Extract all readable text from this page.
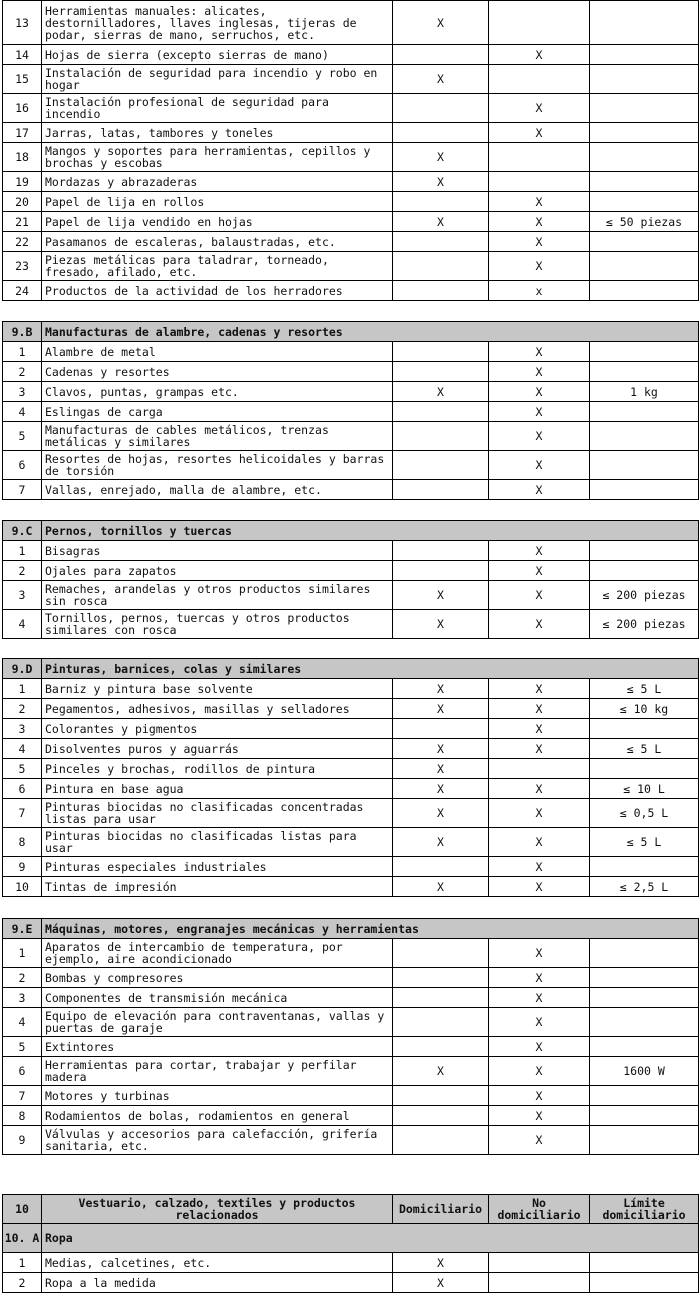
13	Herramientas manuales: alicates, destornilladores, llaves inglesas, tijeras de podar, sierras de mano, serruchos, etc.	X		
14	Hojas de sierra (excepto sierras de mano)		X	
15	Instalación de seguridad para incendio y robo en hogar	X		
16	Instalación profesional de seguridad para incendio		X	
17	Jarras, latas, tambores y toneles		X	
18	Mangos y soportes para herramientas, cepillos y brochas y escobas	X		
19	Mordazas y abrazaderas	X		
20	Papel de lija en rollos		X	
21	Papel de lija vendido en hojas	X	X	≤ 50 piezas
22	Pasamanos de escaleras, balaustradas, etc.		X	
23	Piezas metálicas para taladrar, torneado, fresado, afilado, etc.		X	
24	Productos de la actividad de los herradores		x	
9.B	Manufacturas de alambre, cadenas y resortes			
1	Alambre de metal		X	
2	Cadenas y resortes		X	
3	Clavos, puntas, grampas etc.	X	X	1 kg
4	Eslingas de carga		X	
5	Manufacturas de cables metálicos, trenzas metálicas y similares		X	
6	Resortes de hojas, resortes helicoidales y barras de torsión		X	
7	Vallas, enrejado, malla de alambre, etc.		X	
9.C	Pernos, tornillos y tuercas			
1	Bisagras		X	
2	Ojales para zapatos		X	
3	Remaches, arandelas y otros productos similares sin rosca	X	X	≤ 200 piezas
4	Tornillos, pernos, tuercas y otros productos similares con rosca	X	X	≤ 200 piezas
9.D	Pinturas, barnices, colas y similares			
1	Barniz y pintura base solvente	X	X	≤ 5 L
2	Pegamentos, adhesivos, masillas y selladores	X	X	≤ 10 kg
3	Colorantes y pigmentos		X	
4	Disolventes puros y aguarrás	X	X	≤ 5 L
5	Pinceles y brochas, rodillos de pintura	X		
6	Pintura en base agua	X	X	≤ 10 L
7	Pinturas biocidas no clasificadas concentradas listas para usar	X	X	≤ 0,5 L
8	Pinturas biocidas no clasificadas listas para usar	X	X	≤ 5 L
9	Pinturas especiales industriales		X	
10	Tintas de impresión	X	X	≤ 2,5 L
9.E	Máquinas, motores, engranajes mecánicas y herramientas			
1	Aparatos de intercambio de temperatura, por ejemplo, aire acondicionado		X	
2	Bombas y compresores		X	
3	Componentes de transmisión mecánica		X	
4	Equipo de elevación para contraventanas, vallas y puertas de garaje		X	
5	Extintores		X	
6	Herramientas para cortar, trabajar y perfilar madera	X	X	1600 W
7	Motores y turbinas		X	
8	Rodamientos de bolas, rodamientos en general		X	
9	Válvulas y accesorios para calefacción, grifería sanitaria, etc.		X	
10	Vestuario, calzado, textiles y productos relacionados	Domiciliario	No domiciliario	Límite domiciliario
10. A	Ropa			
1	Medias, calcetines, etc.	X		
2	Ropa a la medida	X		
